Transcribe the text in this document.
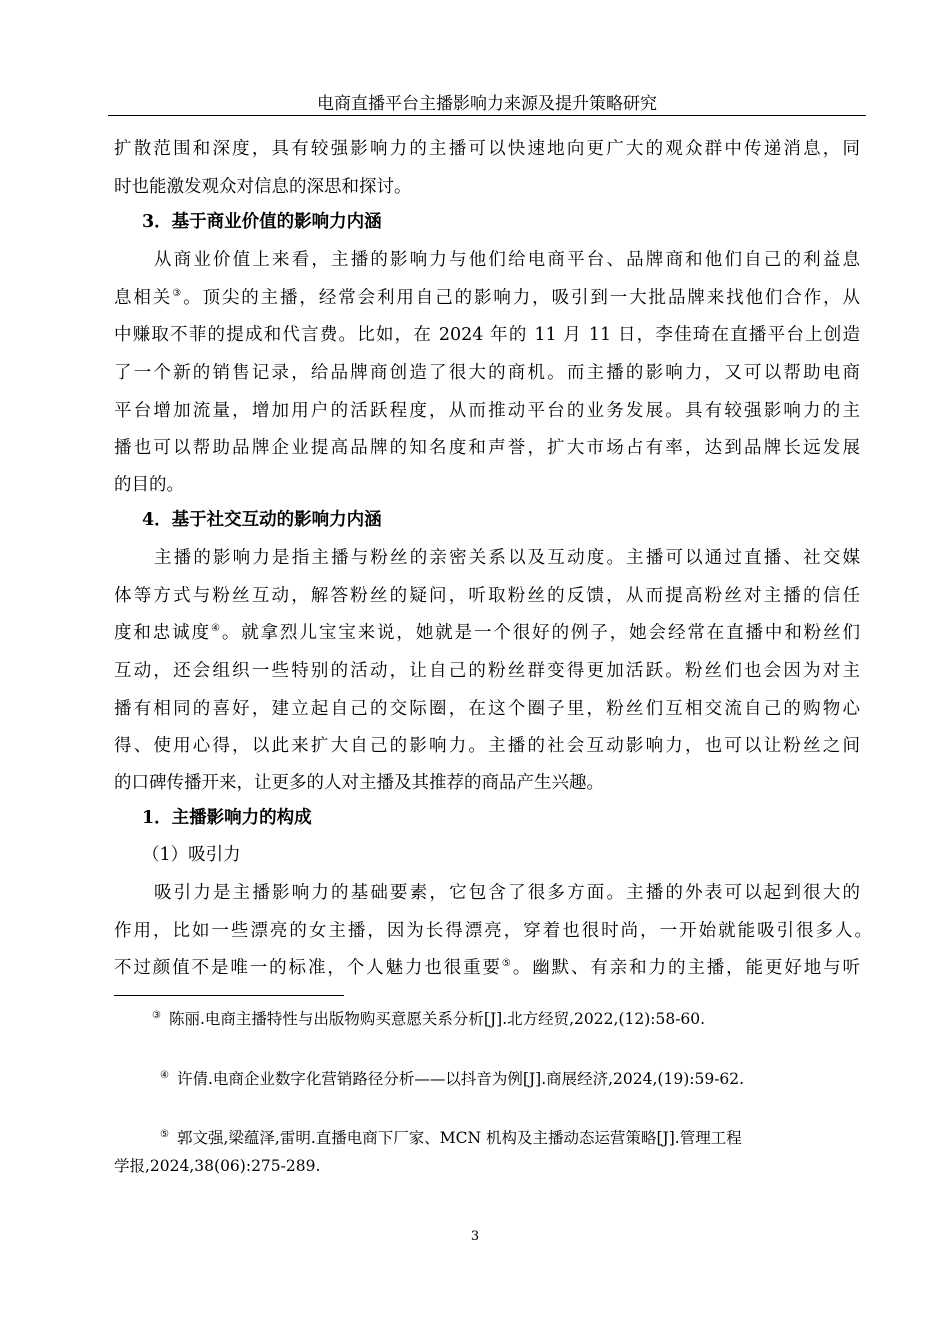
电商直播平台主播影响力来源及提升策略研究
扩散范围和深度，具有较强影响力的主播可以快速地向更广大的观众群中传递消息，同
时也能激发观众对信息的深思和探讨。
3．基于商业价值的影响力内涵
从商业价值上来看，主播的影响力与他们给电商平台、品牌商和他们自己的利益息
息相关③。顶尖的主播，经常会利用自己的影响力，吸引到一大批品牌来找他们合作，从
中赚取不菲的提成和代言费。比如，在 2024 年的 11 月 11 日，李佳琦在直播平台上创造
了一个新的销售记录，给品牌商创造了很大的商机。而主播的影响力，又可以帮助电商
平台增加流量，增加用户的活跃程度，从而推动平台的业务发展。具有较强影响力的主
播也可以帮助品牌企业提高品牌的知名度和声誉，扩大市场占有率，达到品牌长远发展
的目的。
4．基于社交互动的影响力内涵
主播的影响力是指主播与粉丝的亲密关系以及互动度。主播可以通过直播、社交媒
体等方式与粉丝互动，解答粉丝的疑问，听取粉丝的反馈，从而提高粉丝对主播的信任
度和忠诚度④。就拿烈儿宝宝来说，她就是一个很好的例子，她会经常在直播中和粉丝们
互动，还会组织一些特别的活动，让自己的粉丝群变得更加活跃。粉丝们也会因为对主
播有相同的喜好，建立起自己的交际圈，在这个圈子里，粉丝们互相交流自己的购物心
得、使用心得，以此来扩大自己的影响力。主播的社会互动影响力，也可以让粉丝之间
的口碑传播开来，让更多的人对主播及其推荐的商品产生兴趣。
1．主播影响力的构成
（1）吸引力
吸引力是主播影响力的基础要素，它包含了很多方面。主播的外表可以起到很大的
作用，比如一些漂亮的女主播，因为长得漂亮，穿着也很时尚，一开始就能吸引很多人。
不过颜值不是唯一的标准，个人魅力也很重要⑤。幽默、有亲和力的主播，能更好地与听
③ 陈丽.电商主播特性与出版物购买意愿关系分析[J].北方经贸,2022,(12):58-60.
④ 许倩.电商企业数字化营销路径分析——以抖音为例[J].商展经济,2024,(19):59-62.
⑤ 郭文强,梁蕴泽,雷明.直播电商下厂家、MCN 机构及主播动态运营策略[J].管理工程
学报,2024,38(06):275-289.
3
